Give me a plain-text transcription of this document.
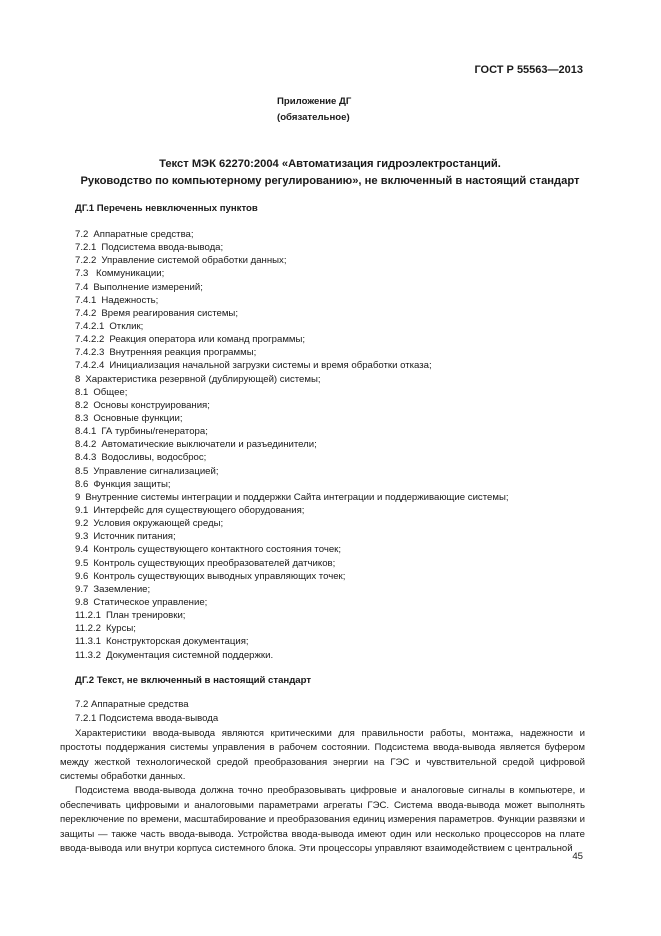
ГОСТ Р 55563—2013
Приложение ДГ
(обязательное)
Текст МЭК 62270:2004 «Автоматизация гидроэлектростанций.
Руководство по компьютерному регулированию», не включенный в настоящий стандарт
ДГ.1 Перечень невключенных пунктов
7.2 Аппаратные средства;
7.2.1 Подсистема ввода-вывода;
7.2.2 Управление системой обработки данных;
7.3 Коммуникации;
7.4 Выполнение измерений;
7.4.1 Надежность;
7.4.2 Время реагирования системы;
7.4.2.1 Отклик;
7.4.2.2 Реакция оператора или команд программы;
7.4.2.3 Внутренняя реакция программы;
7.4.2.4 Инициализация начальной загрузки системы и время обработки отказа;
8 Характеристика резервной (дублирующей) системы;
8.1 Общее;
8.2 Основы конструирования;
8.3 Основные функции;
8.4.1 ГА турбины/генератора;
8.4.2 Автоматические выключатели и разъединители;
8.4.3 Водосливы, водосброс;
8.5 Управление сигнализацией;
8.6 Функция защиты;
9 Внутренние системы интеграции и поддержки Cайта интеграции и поддерживающие системы;
9.1 Интерфейс для существующего оборудования;
9.2 Условия окружающей среды;
9.3 Источник питания;
9.4 Контроль существующего контактного состояния точек;
9.5 Контроль существующих преобразователей датчиков;
9.6 Контроль существующих выводных управляющих точек;
9.7 Заземление;
9.8 Статическое управление;
11.2.1 План тренировки;
11.2.2 Курсы;
11.3.1 Конструкторская документация;
11.3.2 Документация системной поддержки.
ДГ.2 Текст, не включенный в настоящий стандарт
7.2 Аппаратные средства
7.2.1 Подсистема ввода-вывода
Характеристики ввода-вывода являются критическими для правильности работы, монтажа, надежности и простоты поддержания системы управления в рабочем состоянии. Подсистема ввода-вывода является буфером между жесткой технологической средой преобразования энергии на ГЭС и чувствительной средой цифровой системы обработки данных.
Подсистема ввода-вывода должна точно преобразовывать цифровые и аналоговые сигналы в компьютере, и обеспечивать цифровыми и аналоговыми параметрами агрегаты ГЭС. Система ввода-вывода может выполнять переключение по времени, масштабирование и преобразования единиц измерения параметров. Функции развязки и защиты — также часть ввода-вывода. Устройства ввода-вывода имеют один или несколько процессоров на плате ввода-вывода или внутри корпуса системного блока. Эти процессоры управляют взаимодействием с центральной
45
